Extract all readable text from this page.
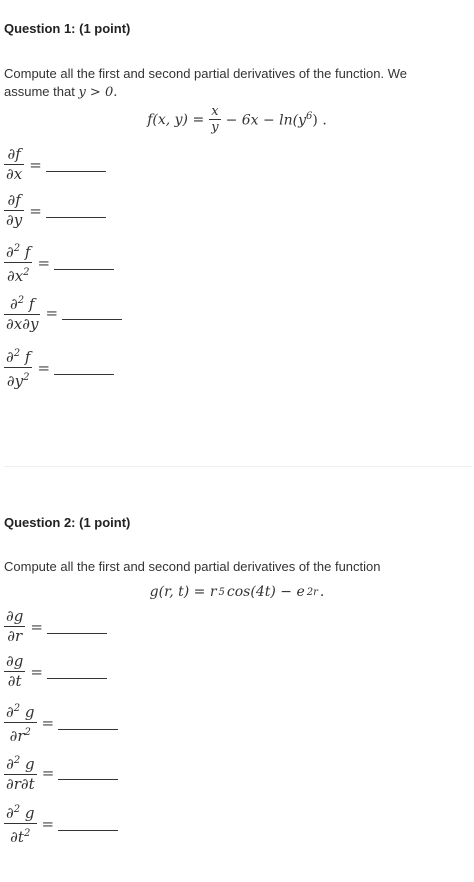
Question 1: (1 point)
Compute all the first and second partial derivatives of the function. We
assume that y > 0.
f(x, $y) = \frac{x}{y} - 6x - \ln(y^6)$ .
$\frac{\partial f}{\partial x}$ =
$\frac{\partial f}{\partial y}$ =
$\frac{\partial^2 f}{\partial x^2}$ =
$\frac{\partial^2 f}{\partial x\partial y}$ =
$\frac{\partial^2 f}{\partial y^2}$ =
Question 2: (1 point)
Compute all the first and second partial derivatives of the function
g(r, t) = r 5 cos(4t) − e 2r .
$\frac{\partial g}{\partial r}$ =
$\frac{\partial g}{\partial t}$ =
$\frac{\partial^2 g}{\partial r^2}$ =
$\frac{\partial^2 g}{\partial r\partial t}$ =
$\frac{\partial^2 g}{\partial t^2}$ =
